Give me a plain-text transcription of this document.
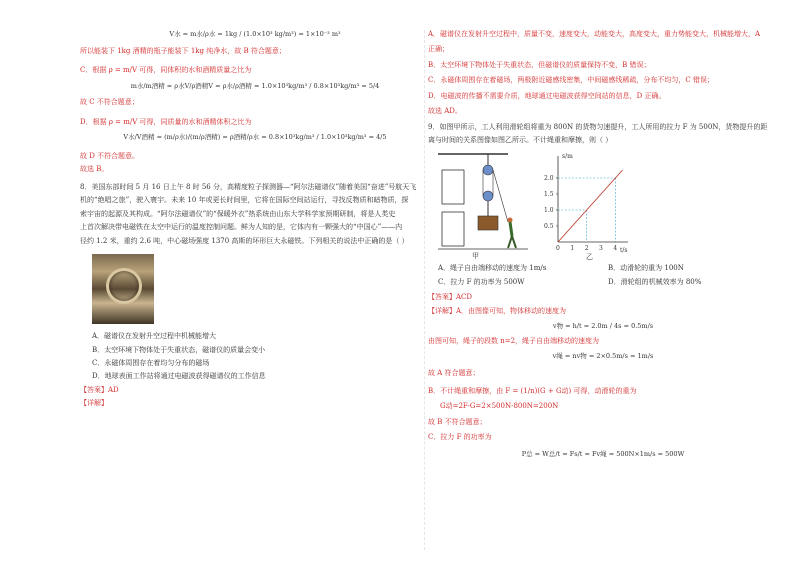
V水 = m水/ρ水 = 1kg / (1.0×10³ kg/m³) = 1×10⁻³ m³

所以能装下 1kg 酒精的瓶子能装下 1kg 纯净水，故 B 符合题意；

C．根据 ρ = m/V 可得，同体积的水和酒精质量之比为

m水/m酒精 = ρ水V/ρ酒精V = ρ水/ρ酒精 = 1.0×10³kg/m³ / 0.8×10³kg/m³ = 5/4

故 C 不符合题意；

D．根据 ρ = m/V 可得，同质量的水和酒精体积之比为

V水/V酒精 = (m/ρ水)/(m/ρ酒精) = ρ酒精/ρ水 = 0.8×10³kg/m³ / 1.0×10³kg/m³ = 4/5

故 D 不符合题意。

故选 B。

8．美国东部时间 5 月 16 日上午 8 时 56 分，高精度粒子探测器—“阿尔法磁谱仪”随着美国“奋进”号航天飞

机的“绝唱之旅”，驶入寰宇。未来 10 年或更长时间里，它将在国际空间站运行，寻找反物质和暗物质，探

索宇宙的起源及其构成。“阿尔法磁谱仪”的“保暖外衣”热系统由山东大学科学家预期研制，将是人类史

上首次解决带电磁铁在太空中运行的温度控制问题。鲜为人知的是，它体内有一颗强大的“中国心”——内

径约 1.2 米，重约 2.6 吨，中心磁场强度 1370 高斯的环形巨大永磁铁。下列相关的说法中正确的是（ ）

A．磁谱仪在发射升空过程中机械能增大

B．太空环境下物体处于失重状态，磁谱仪的质量会变小

C．永磁体周围存在着均匀分布的磁场

D．地球表面工作站将通过电磁波获得磁谱仪的工作信息

【答案】AD

【详解】

A．磁谱仪在发射升空过程中，质量不变，速度变大，动能变大，高度变大，重力势能变大，机械能增大，A

正确；

B．太空环境下物体处于失重状态，但磁谱仪的质量保持不变，B 错误；

C．永磁体周围存在着磁场，两极附近磁感线密集，中间磁感线稀疏，分布不均匀，C 错误；

D．电磁波的传播不需要介质，地球通过电磁波获得空间站的信息，D 正确。

故选 AD。

9．如图甲所示，工人利用滑轮组将重为 800N 的货物匀速提升，工人所用的拉力 F 为 500N，货物提升的距

离与时间的关系图像如图乙所示。不计绳重和摩擦，则（ ）

甲
t/s
s/m
0 1 2 3 4
0.5
1.0
1.5
2.0
乙
A．绳子自由端移动的速度为 1m/s	B．动滑轮的重为 100N
C．拉力 F 的功率为 500W	D．滑轮组的机械效率为 80%

【答案】ACD

【详解】A．由图像可知，物体移动的速度为

v物 = h/t = 2.0m / 4s = 0.5m/s

由图可知，绳子的段数 n=2，绳子自由端移动的速度为

v绳 = nv物 = 2×0.5m/s = 1m/s

故 A 符合题意；

B．不计绳重和摩擦，由 F = (1/n)(G + G动) 可得，动滑轮的重为

G动=2F-G=2×500N-800N=200N

故 B 不符合题意；

C．拉力 F 的功率为

P总 = W总/t = Fs/t = Fv绳 = 500N×1m/s = 500W
